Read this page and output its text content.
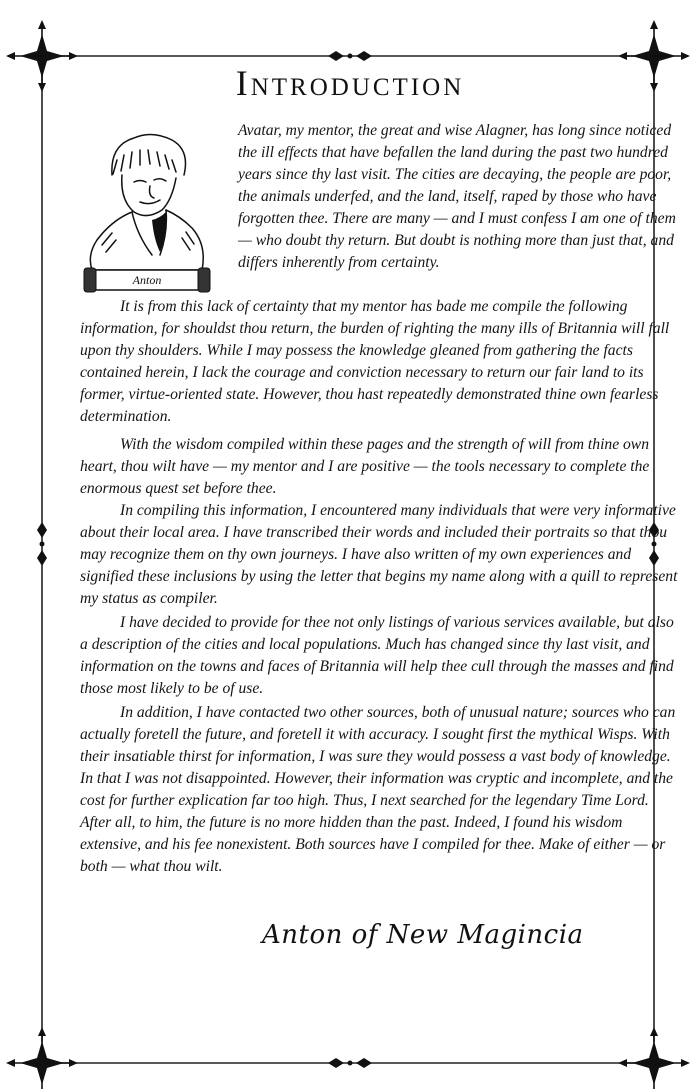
Introduction
Anton

Avatar, my mentor, the great and wise Alagner, has long since noticed the ill effects that have befallen the land during the past two hundred years since thy last visit. The cities are decaying, the people are poor, the animals underfed, and the land, itself, raped by those who have forgotten thee. There are many — and I must confess I am one of them — who doubt thy return. But doubt is nothing more than just that, and differs inherently from certainty.

It is from this lack of certainty that my mentor has bade me compile the following information, for shouldst thou return, the burden of righting the many ills of Britannia will fall upon thy shoulders. While I may possess the knowledge gleaned from gathering the facts contained herein, I lack the courage and conviction necessary to return our fair land to its former, virtue-oriented state. However, thou hast repeatedly demonstrated thine own fearless determination.

With the wisdom compiled within these pages and the strength of will from thine own heart, thou wilt have — my mentor and I are positive — the tools necessary to complete the enormous quest set before thee.

In compiling this information, I encountered many individuals that were very informative about their local area. I have transcribed their words and included their portraits so that thou may recognize them on thy own journeys. I have also written of my own experiences and signified these inclusions by using the letter that begins my name along with a quill to represent my status as compiler.

I have decided to provide for thee not only listings of various services available, but also a description of the cities and local populations. Much has changed since thy last visit, and information on the towns and faces of Britannia will help thee cull through the masses and find those most likely to be of use.

In addition, I have contacted two other sources, both of unusual nature; sources who can actually foretell the future, and foretell it with accuracy. I sought first the mythical Wisps. With their insatiable thirst for information, I was sure they would possess a vast body of knowledge. In that I was not disappointed. However, their information was cryptic and incomplete, and the cost for further explication far too high. Thus, I next searched for the legendary Time Lord. After all, to him, the future is no more hidden than the past. Indeed, I found his wisdom extensive, and his fee nonexistent. Both sources have I compiled for thee. Make of either — or both — what thou wilt.

Anton of New Magincia
